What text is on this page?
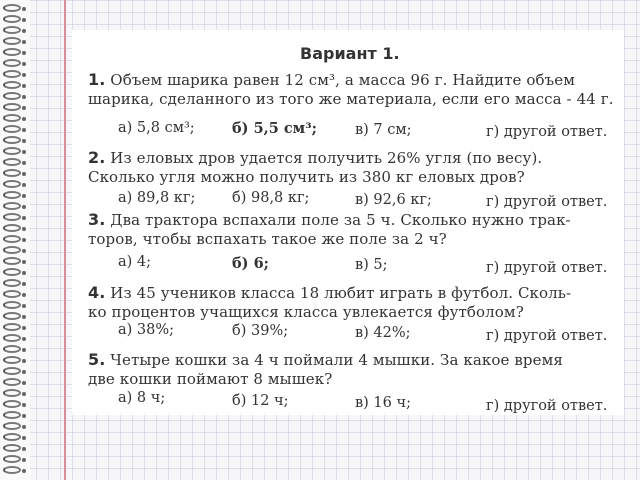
Вариант 1.
1. Объем шарика равен 12 см³, а масса 96 г. Найдите объем
шарика, сделанного из того же материала, если его масса - 44 г.
а) 5,8 см³;	б) 5,5 см³;	в) 7 см;	г) другой ответ.
2. Из еловых дров удается получить 26% угля (по весу).
Сколько угля можно получить из 380 кг еловых дров?
а) 89,8 кг;	б) 98,8 кг;	в) 92,6 кг;	г) другой ответ.
3. Два трактора вспахали поле за 5 ч. Сколько нужно трак-
торов, чтобы вспахать такое же поле за 2 ч?
а) 4;	б) 6;	в) 5;	г) другой ответ.
4. Из 45 учеников класса 18 любит играть в футбол. Сколь-
ко процентов учащихся класса увлекается футболом?
а) 38%;	б) 39%;	в) 42%;	г) другой ответ.
5. Четыре кошки за 4 ч поймали 4 мышки. За какое время
две кошки поймают 8 мышек?
а) 8 ч;	б) 12 ч;	в) 16 ч;	г) другой ответ.
